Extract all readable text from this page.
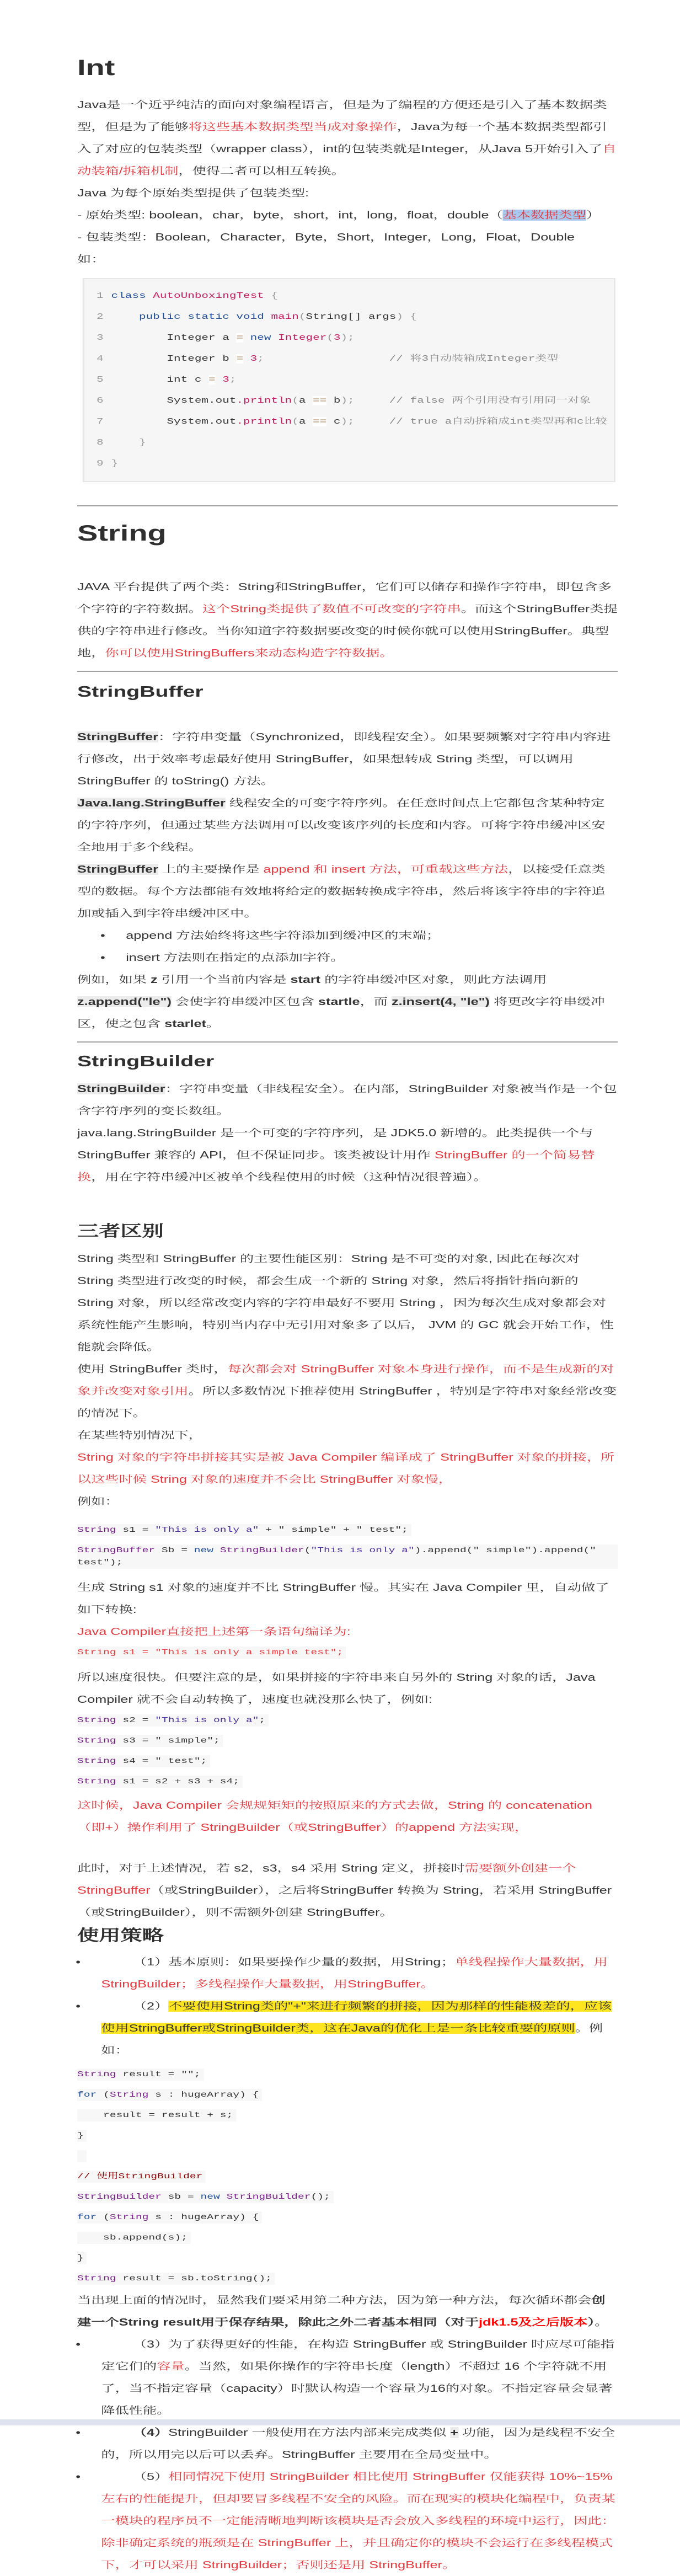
Int

Java是一个近乎纯洁的面向对象编程语言，但是为了编程的方便还是引入了基本数据类型，但是为了能够将这些基本数据类型当成对象操作，Java为每一个基本数据类型都引入了对应的包装类型（wrapper class），int的包装类就是Integer，从Java 5开始引入了自动装箱/拆箱机制，使得二者可以相互转换。

Java 为每个原始类型提供了包装类型:

- 原始类型: boolean，char，byte，short，int，long，float，double（基本数据类型）

- 包装类型：Boolean，Character，Byte，Short，Integer，Long，Float，Double

如：

1 class AutoUnboxingTest {
2    public static void main(String[] args) {
3        Integer a = new Integer(3);
4        Integer b = 3;                  // 将3自动装箱成Integer类型
5        int c = 3;
6        System.out.println(a == b);     // false 两个引用没有引用同一对象
7        System.out.println(a == c);     // true a自动拆箱成int类型再和c比较
8    }
9 }
String

JAVA 平台提供了两个类：String和StringBuffer，它们可以储存和操作字符串，即包含多个字符的字符数据。这个String类提供了数值不可改变的字符串。而这个StringBuffer类提供的字符串进行修改。当你知道字符数据要改变的时候你就可以使用StringBuffer。典型地，你可以使用StringBuffers来动态构造字符数据。

StringBuffer

StringBuffer：字符串变量（Synchronized，即线程安全）。如果要频繁对字符串内容进行修改，出于效率考虑最好使用 StringBuffer，如果想转成 String 类型，可以调用 StringBuffer 的 toString() 方法。

Java.lang.StringBuffer 线程安全的可变字符序列。在任意时间点上它都包含某种特定的字符序列，但通过某些方法调用可以改变该序列的长度和内容。可将字符串缓冲区安全地用于多个线程。

StringBuffer 上的主要操作是 append 和 insert 方法，可重载这些方法，以接受任意类型的数据。每个方法都能有效地将给定的数据转换成字符串，然后将该字符串的字符追加或插入到字符串缓冲区中。

• append 方法始终将这些字符添加到缓冲区的末端；
• insert 方法则在指定的点添加字符。

例如，如果 z 引用一个当前内容是 start 的字符串缓冲区对象，则此方法调用 z.append("le") 会使字符串缓冲区包含 startle，而 z.insert(4, "le") 将更改字符串缓冲区，使之包含 starlet。

StringBuilder

StringBuilder：字符串变量（非线程安全）。在内部，StringBuilder 对象被当作是一个包含字符序列的变长数组。

java.lang.StringBuilder 是一个可变的字符序列，是 JDK5.0 新增的。此类提供一个与 StringBuffer 兼容的 API，但不保证同步。该类被设计用作 StringBuffer 的一个简易替换，用在字符串缓冲区被单个线程使用的时候（这种情况很普遍）。

三者区别

String 类型和 StringBuffer 的主要性能区别：String 是不可变的对象, 因此在每次对 String 类型进行改变的时候，都会生成一个新的 String 对象，然后将指针指向新的 String 对象，所以经常改变内容的字符串最好不要用 String ，因为每次生成对象都会对系统性能产生影响，特别当内存中无引用对象多了以后， JVM 的 GC 就会开始工作，性能就会降低。

使用 StringBuffer 类时，每次都会对 StringBuffer 对象本身进行操作，而不是生成新的对象并改变对象引用。所以多数情况下推荐使用 StringBuffer ，特别是字符串对象经常改变的情况下。

在某些特别情况下，

String 对象的字符串拼接其实是被 Java Compiler 编译成了 StringBuffer 对象的拼接，所以这些时候 String 对象的速度并不会比 StringBuffer 对象慢，

例如：

String s1 = "This is only a" + " simple" + " test";
StringBuffer Sb = new StringBuilder("This is only a").append(" simple").append(" test");

生成 String s1 对象的速度并不比 StringBuffer 慢。其实在 Java Compiler 里，自动做了如下转换:

Java Compiler直接把上述第一条语句编译为:

String s1 = "This is only a simple test";

所以速度很快。但要注意的是，如果拼接的字符串来自另外的 String 对象的话，Java Compiler 就不会自动转换了，速度也就没那么快了，例如:

String s2 = "This is only a";
String s3 = " simple";
String s4 = " test";
String s1 = s2 + s3 + s4;

这时候，Java Compiler 会规规矩矩的按照原来的方式去做，String 的 concatenation（即+）操作利用了 StringBuilder（或StringBuffer）的append 方法实现，

此时，对于上述情况，若 s2，s3，s4 采用 String 定义，拼接时需要额外创建一个 StringBuffer（或StringBuilder），之后将StringBuffer 转换为 String，若采用 StringBuffer（或StringBuilder），则不需额外创建 StringBuffer。

使用策略
•	（1）基本原则：如果要操作少量的数据，用String；单线程操作大量数据，用StringBuilder；多线程操作大量数据，用StringBuffer。
•	（2）不要使用String类的"+"来进行频繁的拼接，因为那样的性能极差的，应该使用StringBuffer或StringBuilder类，这在Java的优化上是一条比较重要的原则。例如：
String result = "";
for (String s : hugeArray) {
result = result + s;
}

// 使用StringBuilder
StringBuilder sb = new StringBuilder();
for (String s : hugeArray) {
sb.append(s);
}
String result = sb.toString();

当出现上面的情况时，显然我们要采用第二种方法，因为第一种方法，每次循环都会创建一个String result用于保存结果，除此之外二者基本相同（对于jdk1.5及之后版本）。

•	（3）为了获得更好的性能，在构造 StringBuffer 或 StringBuilder 时应尽可能指定它们的容量。当然，如果你操作的字符串长度（length）不超过 16 个字符就不用了，当不指定容量（capacity）时默认构造一个容量为16的对象。不指定容量会显著降低性能。
•	（4）StringBuilder 一般使用在方法内部来完成类似 + 功能，因为是线程不安全的，所以用完以后可以丢弃。StringBuffer 主要用在全局变量中。
•	（5）相同情况下使用 StringBuilder 相比使用 StringBuffer 仅能获得 10%~15% 左右的性能提升，但却要冒多线程不安全的风险。而在现实的模块化编程中，负责某一模块的程序员不一定能清晰地判断该模块是否会放入多线程的环境中运行，因此：除非确定系统的瓶颈是在 StringBuffer 上，并且确定你的模块不会运行在多线程模式下，才可以采用 StringBuilder；否则还是用 StringBuffer。
